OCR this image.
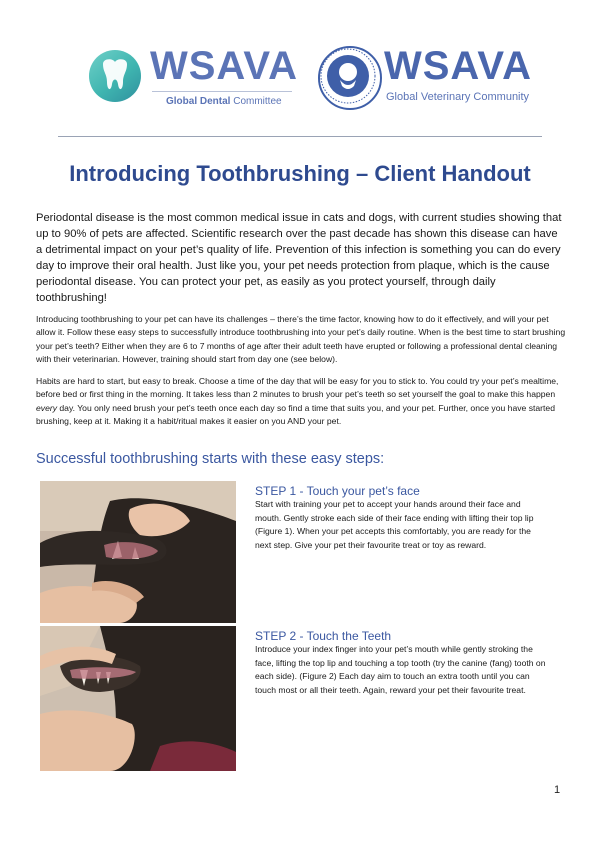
WSAVA
Global Dental Committee
WSAVA
Global Veterinary Community
Introducing Toothbrushing – Client Handout

Periodontal disease is the most common medical issue in cats and dogs, with current studies showing that up to 90% of pets are affected. Scientific research over the past decade has shown this disease can have a detrimental impact on your pet’s quality of life. Prevention of this infection is something you can do every day to improve their oral health. Just like you, your pet needs protection from plaque, which is the cause periodontal disease. You can protect your pet, as easily as you protect yourself, through daily toothbrushing!

Introducing toothbrushing to your pet can have its challenges – there’s the time factor, knowing how to do it effectively, and will your pet allow it. Follow these easy steps to successfully introduce toothbrushing into your pet’s daily routine. When is the best time to start brushing your pet’s teeth? Either when they are 6 to 7 months of age after their adult teeth have erupted or following a professional dental cleaning with their veterinarian. However, training should start from day one (see below).

Habits are hard to start, but easy to break. Choose a time of the day that will be easy for you to stick to. You could try your pet’s mealtime, before bed or first thing in the morning. It takes less than 2 minutes to brush your pet’s teeth so set yourself the goal to make this happen every day. You only need brush your pet’s teeth once each day so find a time that suits you, and your pet. Further, once you have started brushing, keep at it. Making it a habit/ritual makes it easier on you AND your pet.

Successful toothbrushing starts with these easy steps:
STEP 1 - Touch your pet’s face

Start with training your pet to accept your hands around their face and mouth. Gently stroke each side of their face ending with lifting their top lip (Figure 1). When your pet accepts this comfortably, you are ready for the next step. Give your pet their favourite treat or toy as reward.

STEP 2 - Touch the Teeth

Introduce your index finger into your pet’s mouth while gently stroking the face, lifting the top lip and touching a top tooth (try the canine (fang) tooth on each side). (Figure 2) Each day aim to touch an extra tooth until you can touch most or all their teeth. Again, reward your pet their favourite treat.

1
